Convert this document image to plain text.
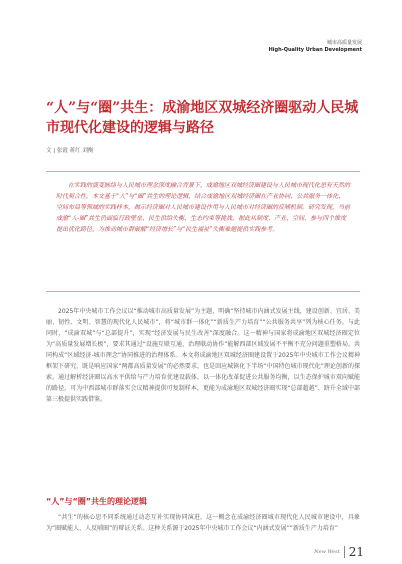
城市高质量发展
High-Quality Urban Development
“人”与“圈”共生：成渝地区双城经济圈驱动人民城市现代化建设的逻辑与路径
文 | 张霞 蒋红 刘衡

在实践的演变脉络与人民城市理念深度融合背景下，成渝地区双城经济圈建设与人民城市现代化思有天然的时代契合性。本文基于“人”与“圈”共生的理论逻辑，结合成渝地区双城经济圈在产业协同、公共服务一体化、空间布局等领域的实践样本，揭示经济圈对人民城市建设作用与人民城市对经济圈的反哺机制。研究发现，当前成渝“人-圈”共生仍面临行政壁垒、民生供给失衡、生态约束等挑战，据此从制度、产业、空间、参与四个维度提出优化路径，为推动城市群破解“经济增长”与“民生福祉”失衡难题提供实践参考。

2025年中央城市工作会议以“推动城市高质量发展”为主题，明确“坚持城市内涵式发展主线，建设创新、宜居、美丽、韧性、文明、智慧的现代化人民城市”，将“城市群一体化”“新质生产力培育”“公共服务共享”列为核心任务。与此同时，“成渝双城”与“总部提升”，实现“经济发展与民生改善”深度融合。这一精神与国家将成渝地区双城经济圈定位为“高质量发展增长极”，要求其通过“设施互联互通、治理联动协作”能解西部区域发展不平衡不充分问题重塑格局，共同构成“区域经济-城市理念”协同推进的治理体系。本文将成渝地区双城经济圈建设置于2025年中央城市工作会议精神框架下研究，既是响应国家“两都高质量发展”的必然要求，也是回应城镇化下半场“中国特色城市现代化”理论创新的探索。通过解析经济圈以高水平供给与产力培育优建设载体，以一体化改革促进公共服务均衡，以生态保护城市双向赋能的路径，可为中西部城市群落实会议精神提供可复制样本，更能为成渝地区双城经济圈实现“总部超越”、跻升全域中部第三极提供实践借鉴。

“人”与“圈”共生的理论逻辑

“共生”的核心思不同系统通过动态互补实现协同演进，这一概念在成渝经济圈城市现代化人民城市建设中，具象为“圈赋能人、人反哺圈”的辩证关系。这种关系源于2025年中央城市工作会议“内涵式发展”“新质生产力培育”

New West 21
